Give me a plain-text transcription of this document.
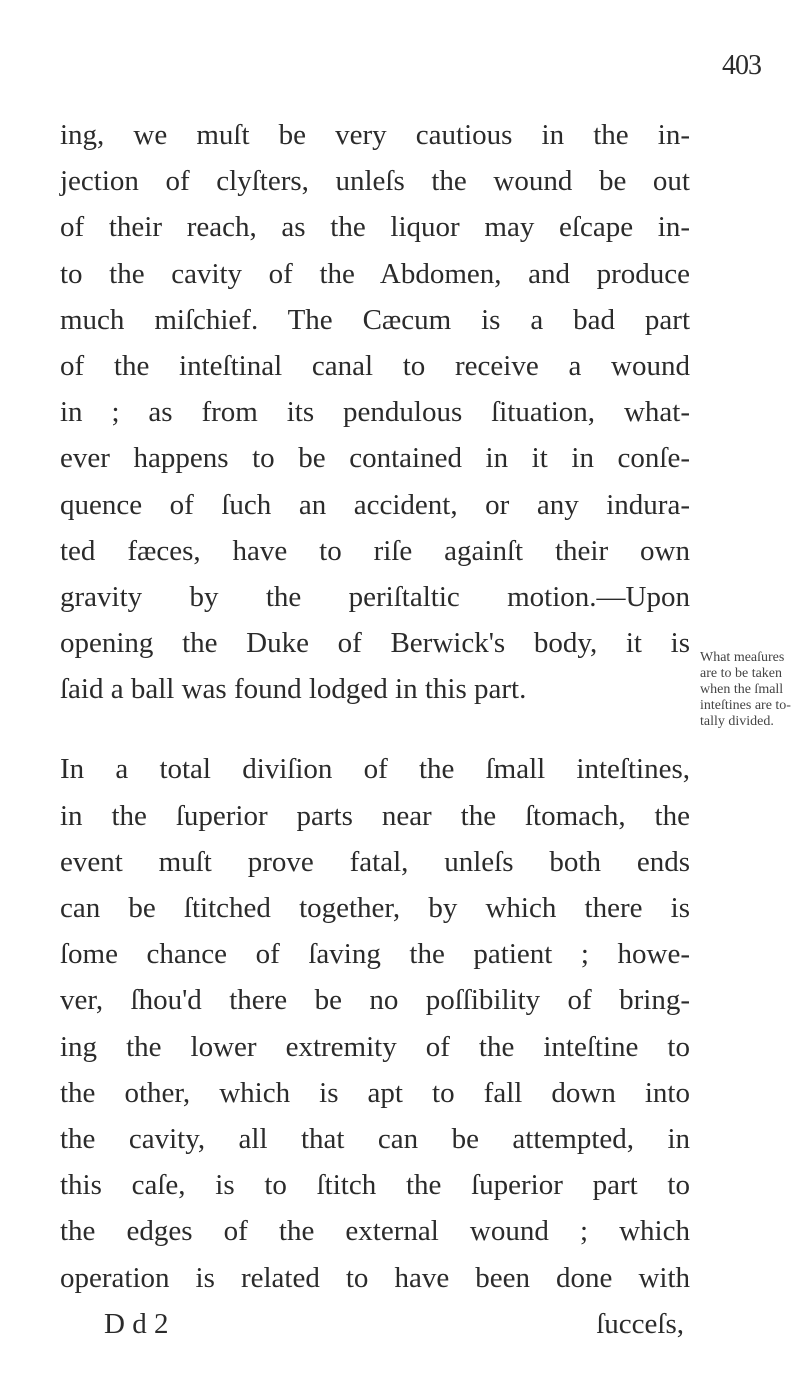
403
ing, we muſt be very cautious in the in-
jection of clyſters, unleſs the wound be out
of their reach, as the liquor may eſcape in-
to the cavity of the Abdomen, and produce
much miſchief. The Cæcum is a bad part
of the inteſtinal canal to receive a wound
in ; as from its pendulous ſituation, what-
ever happens to be contained in it in conſe-
quence of ſuch an accident, or any indura-
ted fæces, have to riſe againſt their own
gravity by the periſtaltic motion.—Upon
opening the Duke of Berwick's body, it is
ſaid a ball was found lodged in this part.
In a total diviſion of the ſmall inteſtines,
in the ſuperior parts near the ſtomach, the
event muſt prove fatal, unleſs both ends
can be ſtitched together, by which there is
ſome chance of ſaving the patient ; howe-
ver, ſhou'd there be no poſſibility of bring-
ing the lower extremity of the inteſtine to
the other, which is apt to fall down into
the cavity, all that can be attempted, in
this caſe, is to ſtitch the ſuperior part to
the edges of the external wound ; which
operation is related to have been done with
D d 2	ſucceſs,
What meaſures
are to be taken
when the ſmall
inteſtines are to-
tally divided.
